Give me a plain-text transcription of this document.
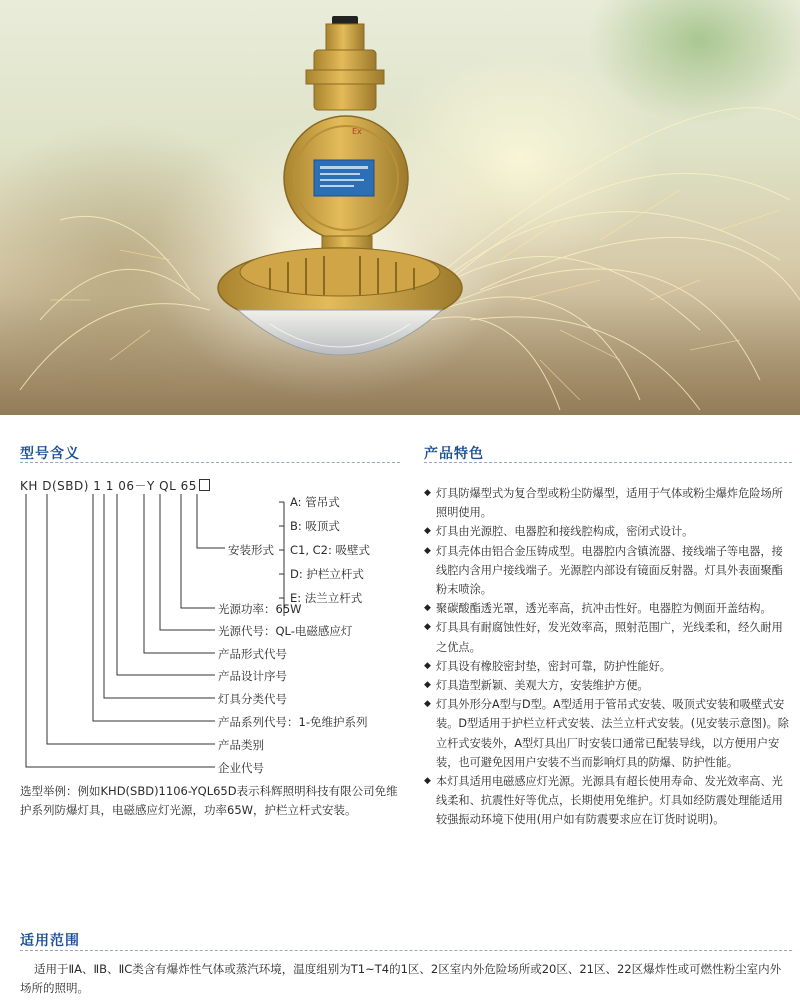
Ex
型号含义
KH D(SBD) 1 1 06－Y QL 65
安装形式
A: 管吊式
B: 吸顶式
C1, C2: 吸壁式
D: 护栏立杆式
E: 法兰立杆式
光源功率：65W
光源代号：QL-电磁感应灯
产品形式代号
产品设计序号
灯具分类代号
产品系列代号：1-免维护系列
产品类别
企业代号
选型举例：例如KHD(SBD)1106-YQL65D表示科辉照明科技有限公司免维护系列防爆灯具，电磁感应灯光源，功率65W，护栏立杆式安装。
产品特色
◆ 灯具防爆型式为复合型或粉尘防爆型，适用于气体或粉尘爆炸危险场所照明使用。
◆ 灯具由光源腔、电器腔和接线腔构成，密闭式设计。
◆ 灯具壳体由铝合金压铸成型。电器腔内含镇流器、接线端子等电器，接线腔内含用户接线端子。光源腔内部设有镜面反射器。灯具外表面聚酯粉末喷涂。
◆ 聚碳酸酯透光罩，透光率高，抗冲击性好。电器腔为侧面开盖结构。
◆ 灯具具有耐腐蚀性好，发光效率高，照射范围广，光线柔和，经久耐用之优点。
◆ 灯具设有橡胶密封垫，密封可靠，防护性能好。
◆ 灯具造型新颖、美观大方，安装维护方便。
◆ 灯具外形分A型与D型。A型适用于管吊式安装、吸顶式安装和吸壁式安装。D型适用于护栏立杆式安装、法兰立杆式安装。(见安装示意图)。除立杆式安装外，A型灯具出厂时安装口通常已配装导线，以方便用户安装，也可避免因用户安装不当而影响灯具的防爆、防护性能。
◆ 本灯具适用电磁感应灯光源。光源具有超长使用寿命、发光效率高、光线柔和、抗震性好等优点，长期使用免维护。灯具如经防震处理能适用较强振动环境下使用(用户如有防震要求应在订货时说明)。
适用范围
适用于ⅡA、ⅡB、ⅡC类含有爆炸性气体或蒸汽环境，温度组别为T1~T4的1区、2区室内外危险场所或20区、21区、22区爆炸性或可燃性粉尘室内外场所的照明。
